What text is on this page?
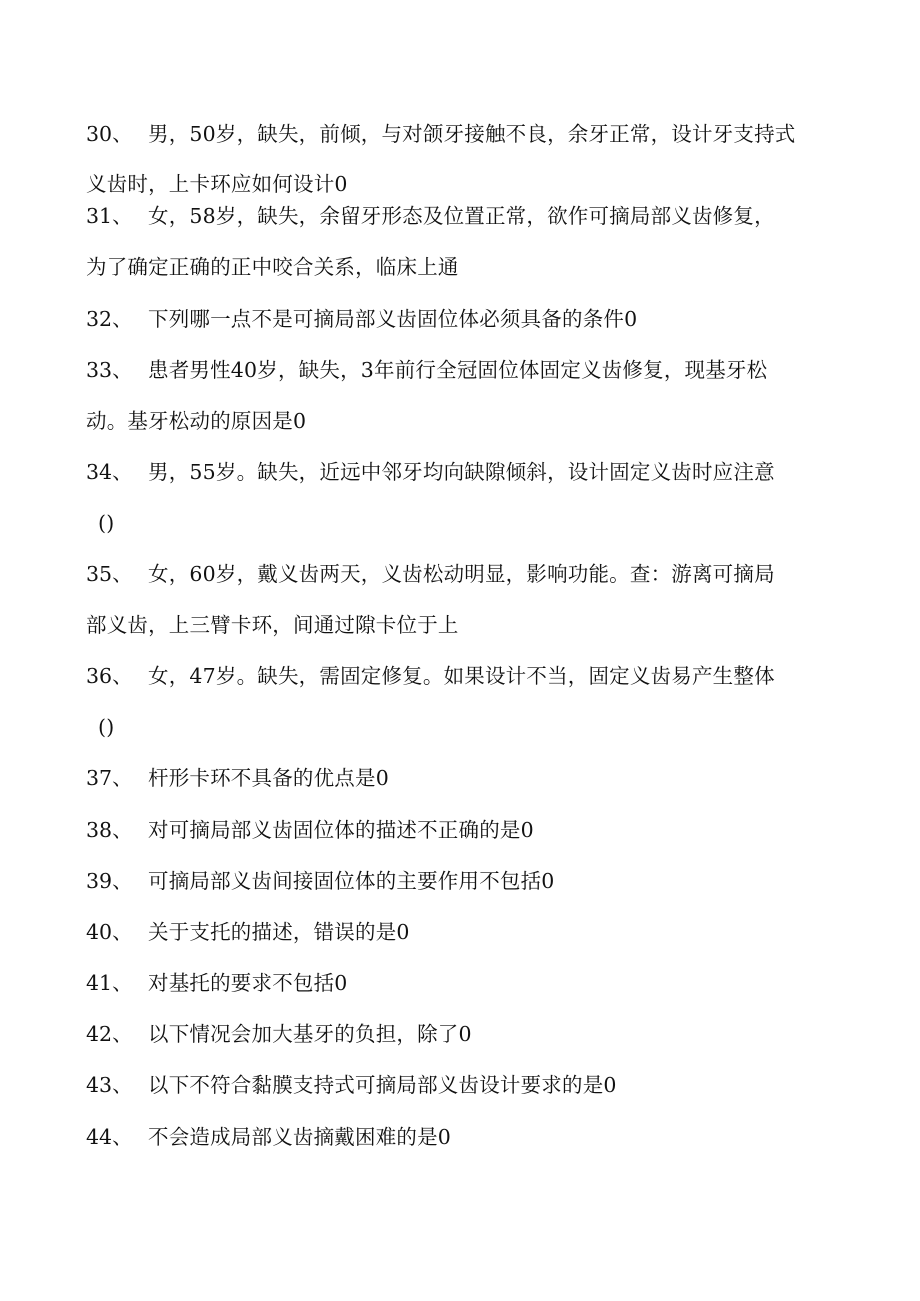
30、 男，50岁，缺失，前倾，与对颌牙接触不良，余牙正常，设计牙支持式
义齿时，上卡环应如何设计0
31、 女，58岁，缺失，余留牙形态及位置正常，欲作可摘局部义齿修复，
为了确定正确的正中咬合关系，临床上通
32、 下列哪一点不是可摘局部义齿固位体必须具备的条件0
33、 患者男性40岁，缺失，3年前行全冠固位体固定义齿修复，现基牙松
动。基牙松动的原因是0
34、 男，55岁。缺失，近远中邻牙均向缺隙倾斜，设计固定义齿时应注意
()
35、 女，60岁，戴义齿两天，义齿松动明显，影响功能。查：游离可摘局
部义齿，上三臂卡环，间通过隙卡位于上
36、 女，47岁。缺失，需固定修复。如果设计不当，固定义齿易产生整体
()
37、 杆形卡环不具备的优点是0
38、 对可摘局部义齿固位体的描述不正确的是0
39、 可摘局部义齿间接固位体的主要作用不包括0
40、 关于支托的描述，错误的是0
41、 对基托的要求不包括0
42、 以下情况会加大基牙的负担，除了0
43、 以下不符合黏膜支持式可摘局部义齿设计要求的是0
44、 不会造成局部义齿摘戴困难的是0
